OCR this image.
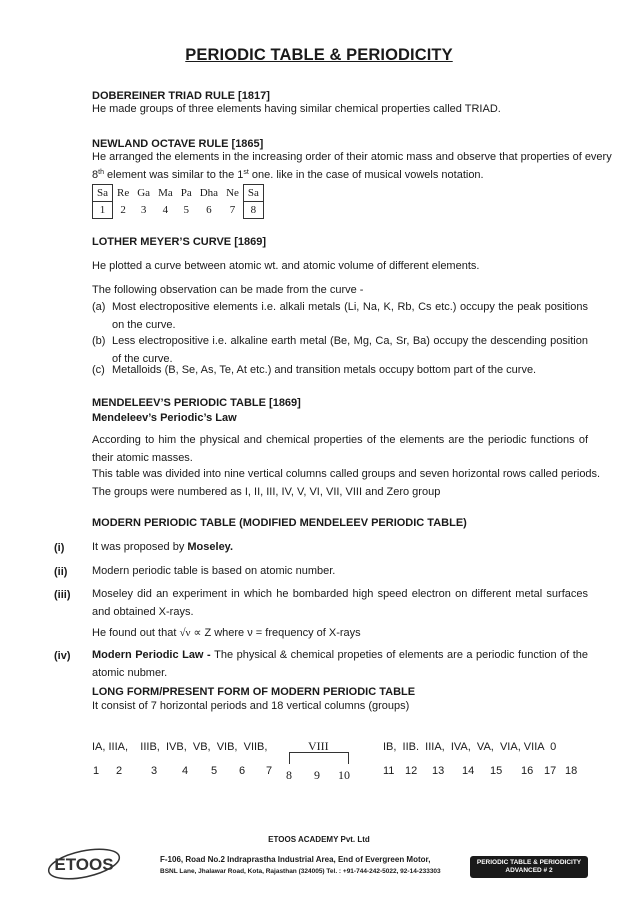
PERIODIC TABLE & PERIODICITY
DOBEREINER TRIAD RULE [1817]
He made groups of three elements having similar chemical properties called TRIAD.
NEWLAND OCTAVE RULE [1865]
He arranged the elements in the increasing order of their atomic mass and observe that properties of every
8th element was similar to the 1st one. like in the case of musical vowels notation.
Sa	Re	Ga	Ma	Pa	Dha	Ne	Sa
1	2	3	4	5	6	7	8
LOTHER MEYER’S CURVE [1869]
He plotted a curve between atomic wt. and atomic volume of different elements.
The following observation can be made from the curve -
(a) Most electropositive elements i.e. alkali metals (Li, Na, K, Rb, Cs etc.) occupy the peak positions on the curve.
(b) Less electropositive i.e. alkaline earth metal (Be, Mg, Ca, Sr, Ba) occupy the descending position of the curve.
(c) Metalloids (B, Se, As, Te, At etc.) and transition metals occupy bottom part of the curve.
MENDELEEV’S PERIODIC TABLE [1869]
Mendeleev’s Periodic’s Law
According to him the physical and chemical properties of the elements are the periodic functions of their atomic masses.
This table was divided into nine vertical columns called groups and seven horizontal rows called periods.
The groups were numbered as I, II, III, IV, V, VI, VII, VIII and Zero group
MODERN PERIODIC TABLE (MODIFIED MENDELEEV PERIODIC TABLE)
(i)	It was proposed by Moseley.
(ii) Modern periodic table is based on atomic number.
(iii) Moseley did an experiment in which he bombarded high speed electron on different metal surfaces and obtained X-rays.
He found out that √ν ∝ Z where ν = frequency of X-rays
(iv) Modern Periodic Law - The physical & chemical propeties of elements are a periodic function of the atomic nubmer.
LONG FORM/PRESENT FORM OF MODERN PERIODIC TABLE
It consist of 7 horizontal periods and 18 vertical columns (groups)
IA, IIIA,    IIIB,  IVB,  VB,  VIB,  VIIB,	VIII	IB,  IIB.  IIIA,  IVA,  VA,  VIA, VIIA  0
1 2	3 4 5 6 7 8 9 10	11 12 13 14 15 16 17 18
ETOOS
ETOOS ACADEMY Pvt. Ltd
F-106, Road No.2 Indraprastha Industrial Area, End of Evergreen Motor,
BSNL Lane, Jhalawar Road, Kota, Rajasthan (324005) Tel. : +91-744-242-5022, 92-14-233303
PERIODIC TABLE & PERIODICITY
ADVANCED # 2
